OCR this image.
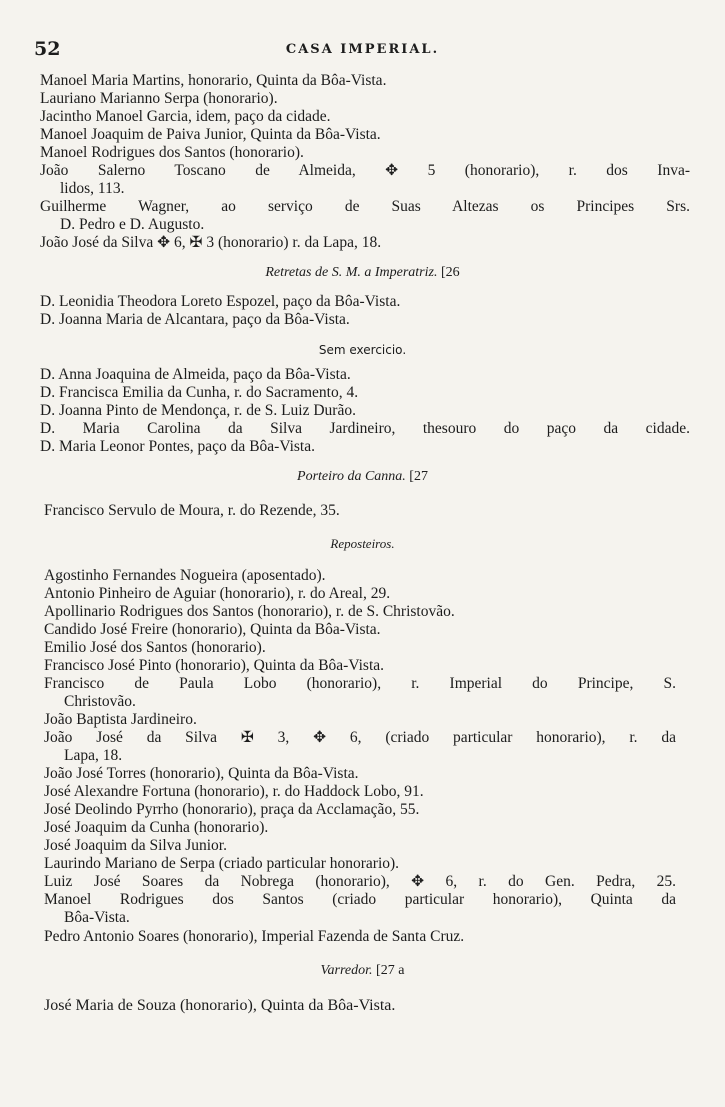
52	CASA IMPERIAL.
Manoel Maria Martins, honorario, Quinta da Bôa-Vista.
Lauriano Marianno Serpa (honorario).
Jacintho Manoel Garcia, idem, paço da cidade.
Manoel Joaquim de Paiva Junior, Quinta da Bôa-Vista.
Manoel Rodrigues dos Santos (honorario).
João Salerno Toscano de Almeida, ✥ 5 (honorario), r. dos Inva-
lidos, 113.
Guilherme Wagner, ao serviço de Suas Altezas os Principes Srs.
D. Pedro e D. Augusto.
João José da Silva ✥ 6, ✠ 3 (honorario) r. da Lapa, 18.
Retretas de S. M. a Imperatriz. [26
D. Leonidia Theodora Loreto Espozel, paço da Bôa-Vista.
D. Joanna Maria de Alcantara, paço da Bôa-Vista.
Sem exercicio.
D. Anna Joaquina de Almeida, paço da Bôa-Vista.
D. Francisca Emilia da Cunha, r. do Sacramento, 4.
D. Joanna Pinto de Mendonça, r. de S. Luiz Durão.
D. Maria Carolina da Silva Jardineiro, thesouro do paço da cidade.
D. Maria Leonor Pontes, paço da Bôa-Vista.
Porteiro da Canna. [27
Francisco Servulo de Moura, r. do Rezende, 35.
Reposteiros.
Agostinho Fernandes Nogueira (aposentado).
Antonio Pinheiro de Aguiar (honorario), r. do Areal, 29.
Apollinario Rodrigues dos Santos (honorario), r. de S. Christovão.
Candido José Freire (honorario), Quinta da Bôa-Vista.
Emilio José dos Santos (honorario).
Francisco José Pinto (honorario), Quinta da Bôa-Vista.
Francisco de Paula Lobo (honorario), r. Imperial do Principe, S.
Christovão.
João Baptista Jardineiro.
João José da Silva ✠ 3, ✥ 6, (criado particular honorario), r. da
Lapa, 18.
João José Torres (honorario), Quinta da Bôa-Vista.
José Alexandre Fortuna (honorario), r. do Haddock Lobo, 91.
José Deolindo Pyrrho (honorario), praça da Acclamação, 55.
José Joaquim da Cunha (honorario).
José Joaquim da Silva Junior.
Laurindo Mariano de Serpa (criado particular honorario).
Luiz José Soares da Nobrega (honorario), ✥ 6, r. do Gen. Pedra, 25.
Manoel Rodrigues dos Santos (criado particular honorario), Quinta da
Bôa-Vista.
Pedro Antonio Soares (honorario), Imperial Fazenda de Santa Cruz.
Varredor. [27 a
José Maria de Souza (honorario), Quinta da Bôa-Vista.
